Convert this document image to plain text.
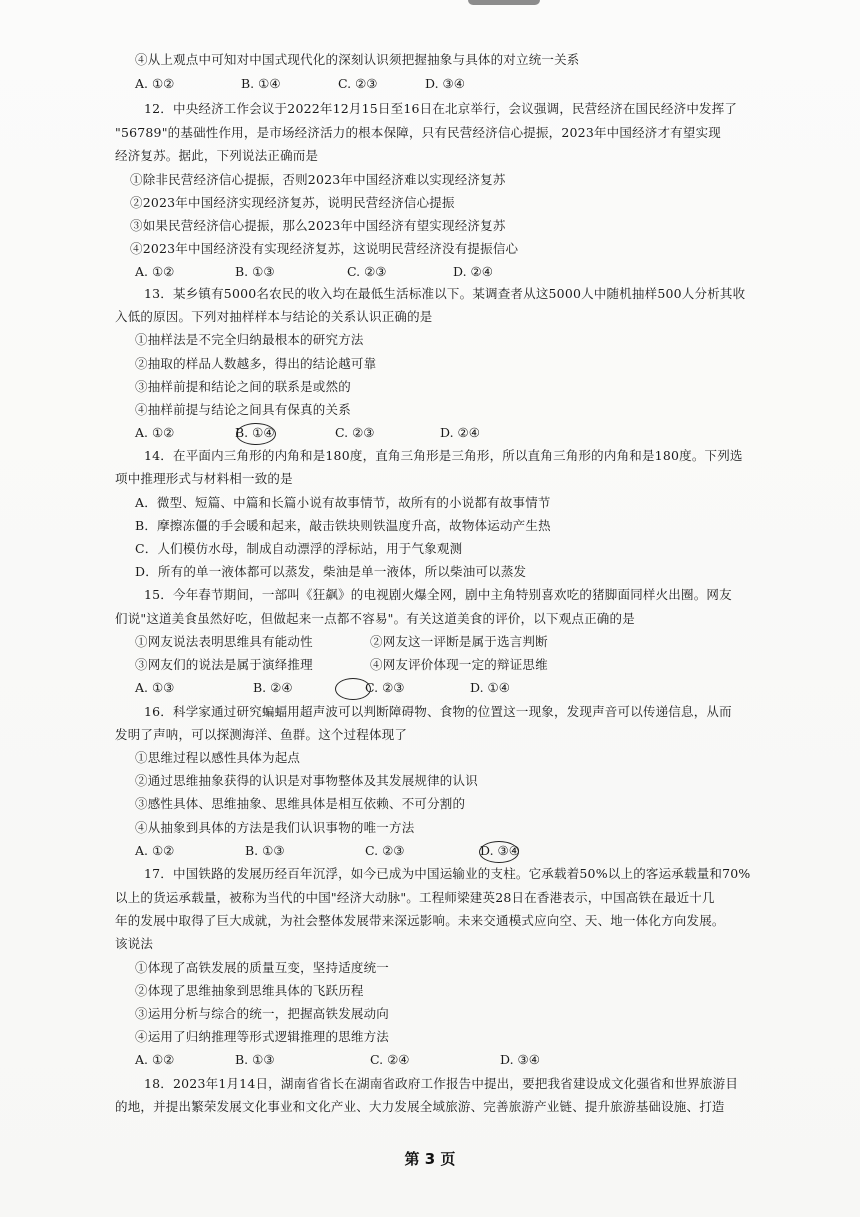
④从上观点中可知对中国式现代化的深刻认识须把握抽象与具体的对立统一关系
A. ①②	B. ①④	C. ②③	D. ③④
12．中央经济工作会议于2022年12月15日至16日在北京举行，会议强调，民营经济在国民经济中发挥了
"56789"的基础性作用，是市场经济活力的根本保障，只有民营经济信心提振，2023年中国经济才有望实现
经济复苏。据此，下列说法正确而是
①除非民营经济信心提振，否则2023年中国经济难以实现经济复苏
②2023年中国经济实现经济复苏，说明民营经济信心提振
③如果民营经济信心提振，那么2023年中国经济有望实现经济复苏
④2023年中国经济没有实现经济复苏，这说明民营经济没有提振信心
A. ①②	B. ①③	C. ②③	D. ②④
13．某乡镇有5000名农民的收入均在最低生活标准以下。某调查者从这5000人中随机抽样500人分析其收
入低的原因。下列对抽样样本与结论的关系认识正确的是
①抽样法是不完全归纳最根本的研究方法
②抽取的样品人数越多，得出的结论越可靠
③抽样前提和结论之间的联系是或然的
④抽样前提与结论之间具有保真的关系
A. ①②	B. ①④	C. ②③	D. ②④
14．在平面内三角形的内角和是180度，直角三角形是三角形，所以直角三角形的内角和是180度。下列选
项中推理形式与材料相一致的是
A．微型、短篇、中篇和长篇小说有故事情节，故所有的小说都有故事情节
B．摩擦冻僵的手会暖和起来，敲击铁块则铁温度升高，故物体运动产生热
C．人们模仿水母，制成自动漂浮的浮标站，用于气象观测
D．所有的单一液体都可以蒸发，柴油是单一液体，所以柴油可以蒸发
15．今年春节期间，一部叫《狂飙》的电视剧火爆全网，剧中主角特别喜欢吃的猪脚面同样火出圈。网友
们说"这道美食虽然好吃，但做起来一点都不容易"。有关这道美食的评价，以下观点正确的是
①网友说法表明思维具有能动性	②网友这一评断是属于选言判断
③网友们的说法是属于演绎推理	④网友评价体现一定的辩证思维
A. ①③	B. ②④	C. ②③	D. ①④
16．科学家通过研究蝙蝠用超声波可以判断障碍物、食物的位置这一现象，发现声音可以传递信息，从而
发明了声呐，可以探测海洋、鱼群。这个过程体现了
①思维过程以感性具体为起点
②通过思维抽象获得的认识是对事物整体及其发展规律的认识
③感性具体、思维抽象、思维具体是相互依赖、不可分割的
④从抽象到具体的方法是我们认识事物的唯一方法
A. ①②	B. ①③	C. ②③	D. ③④
17．中国铁路的发展历经百年沉浮，如今已成为中国运输业的支柱。它承载着50%以上的客运承载量和70%
以上的货运承载量，被称为当代的中国"经济大动脉"。工程师梁建英28日在香港表示，中国高铁在最近十几
年的发展中取得了巨大成就，为社会整体发展带来深远影响。未来交通模式应向空、天、地一体化方向发展。
该说法
①体现了高铁发展的质量互变，坚持适度统一
②体现了思维抽象到思维具体的飞跃历程
③运用分析与综合的统一，把握高铁发展动向
④运用了归纳推理等形式逻辑推理的思维方法
A. ①②	B. ①③	C. ②④	D. ③④
18．2023年1月14日，湖南省省长在湖南省政府工作报告中提出，要把我省建设成文化强省和世界旅游目
的地，并提出繁荣发展文化事业和文化产业、大力发展全域旅游、完善旅游产业链、提升旅游基础设施、打造
第 3 页
